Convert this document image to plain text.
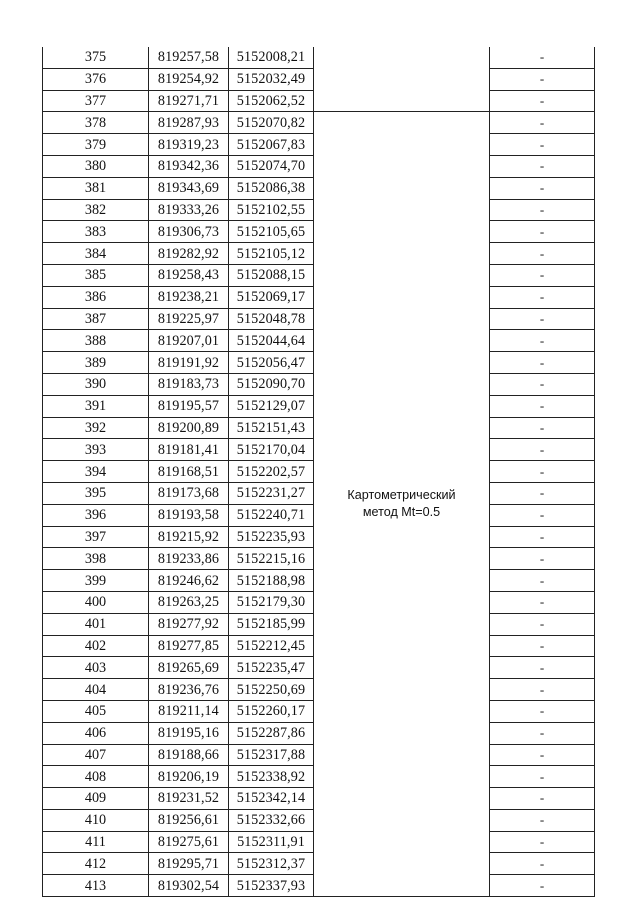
375	819257,58	5152008,21		-
376	819254,92	5152032,49		-
377	819271,71	5152062,52		-
378	819287,93	5152070,82	Картометрический
метод Mt=0.5	-
379	819319,23	5152067,83		-
380	819342,36	5152074,70		-
381	819343,69	5152086,38		-
382	819333,26	5152102,55		-
383	819306,73	5152105,65		-
384	819282,92	5152105,12		-
385	819258,43	5152088,15		-
386	819238,21	5152069,17		-
387	819225,97	5152048,78		-
388	819207,01	5152044,64		-
389	819191,92	5152056,47		-
390	819183,73	5152090,70		-
391	819195,57	5152129,07		-
392	819200,89	5152151,43		-
393	819181,41	5152170,04		-
394	819168,51	5152202,57		-
395	819173,68	5152231,27		-
396	819193,58	5152240,71		-
397	819215,92	5152235,93		-
398	819233,86	5152215,16		-
399	819246,62	5152188,98		-
400	819263,25	5152179,30		-
401	819277,92	5152185,99		-
402	819277,85	5152212,45		-
403	819265,69	5152235,47		-
404	819236,76	5152250,69		-
405	819211,14	5152260,17		-
406	819195,16	5152287,86		-
407	819188,66	5152317,88		-
408	819206,19	5152338,92		-
409	819231,52	5152342,14		-
410	819256,61	5152332,66		-
411	819275,61	5152311,91		-
412	819295,71	5152312,37		-
413	819302,54	5152337,93		-
